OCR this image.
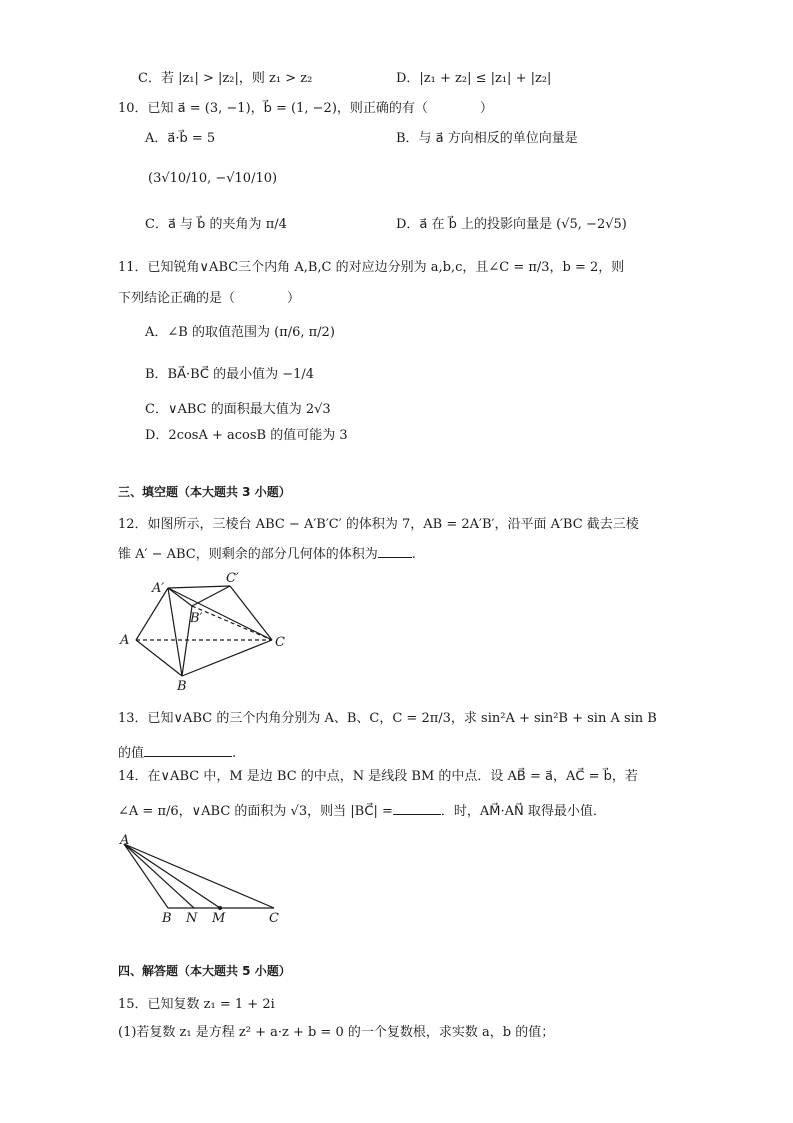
C．若 |z₁| > |z₂|，则 z₁ > z₂	D．|z₁ + z₂| ≤ |z₁| + |z₂|
10．已知 a⃗ = (3, −1)，b⃗ = (1, −2)，则正确的有（　　　　）
A．a⃗·b⃗ = 5	B．与 a⃗ 方向相反的单位向量是
(3√10/10, −√10/10)
C．a⃗ 与 b⃗ 的夹角为 π/4	D．a⃗ 在 b⃗ 上的投影向量是 (√5, −2√5)
11．已知锐角∨ABC三个内角 A,B,C 的对应边分别为 a,b,c，且∠C = π/3，b = 2，则
下列结论正确的是（　　　　）
A．∠B 的取值范围为 (π/6, π/2)
B．BA⃗·BC⃗ 的最小值为 −1/4
C．∨ABC 的面积最大值为 2√3
D．2cosA + acosB 的值可能为 3
三、填空题（本大题共 3 小题）
12．如图所示，三棱台 ABC − A′B′C′ 的体积为 7，AB = 2A′B′，沿平面 A′BC 截去三棱
锥 A′ − ABC，则剩余的部分几何体的体积为	.
A′
C′
B′
A	C
B
13．已知∨ABC 的三个内角分别为 A、B、C，C = 2π/3，求 sin²A + sin²B + sin A sin B
的值	.
14．在∨ABC 中，M 是边 BC 的中点，N 是线段 BM 的中点．设 AB⃗ = a⃗，AC⃗ = b⃗，若
∠A = π/6，∨ABC 的面积为 √3，则当 |BC⃗| =	．时，AM⃗·AN⃗ 取得最小值．
A
B N M	C
四、解答题（本大题共 5 小题）
15．已知复数 z₁ = 1 + 2i
(1)若复数 z₁ 是方程 z² + a·z + b = 0 的一个复数根，求实数 a，b 的值；
